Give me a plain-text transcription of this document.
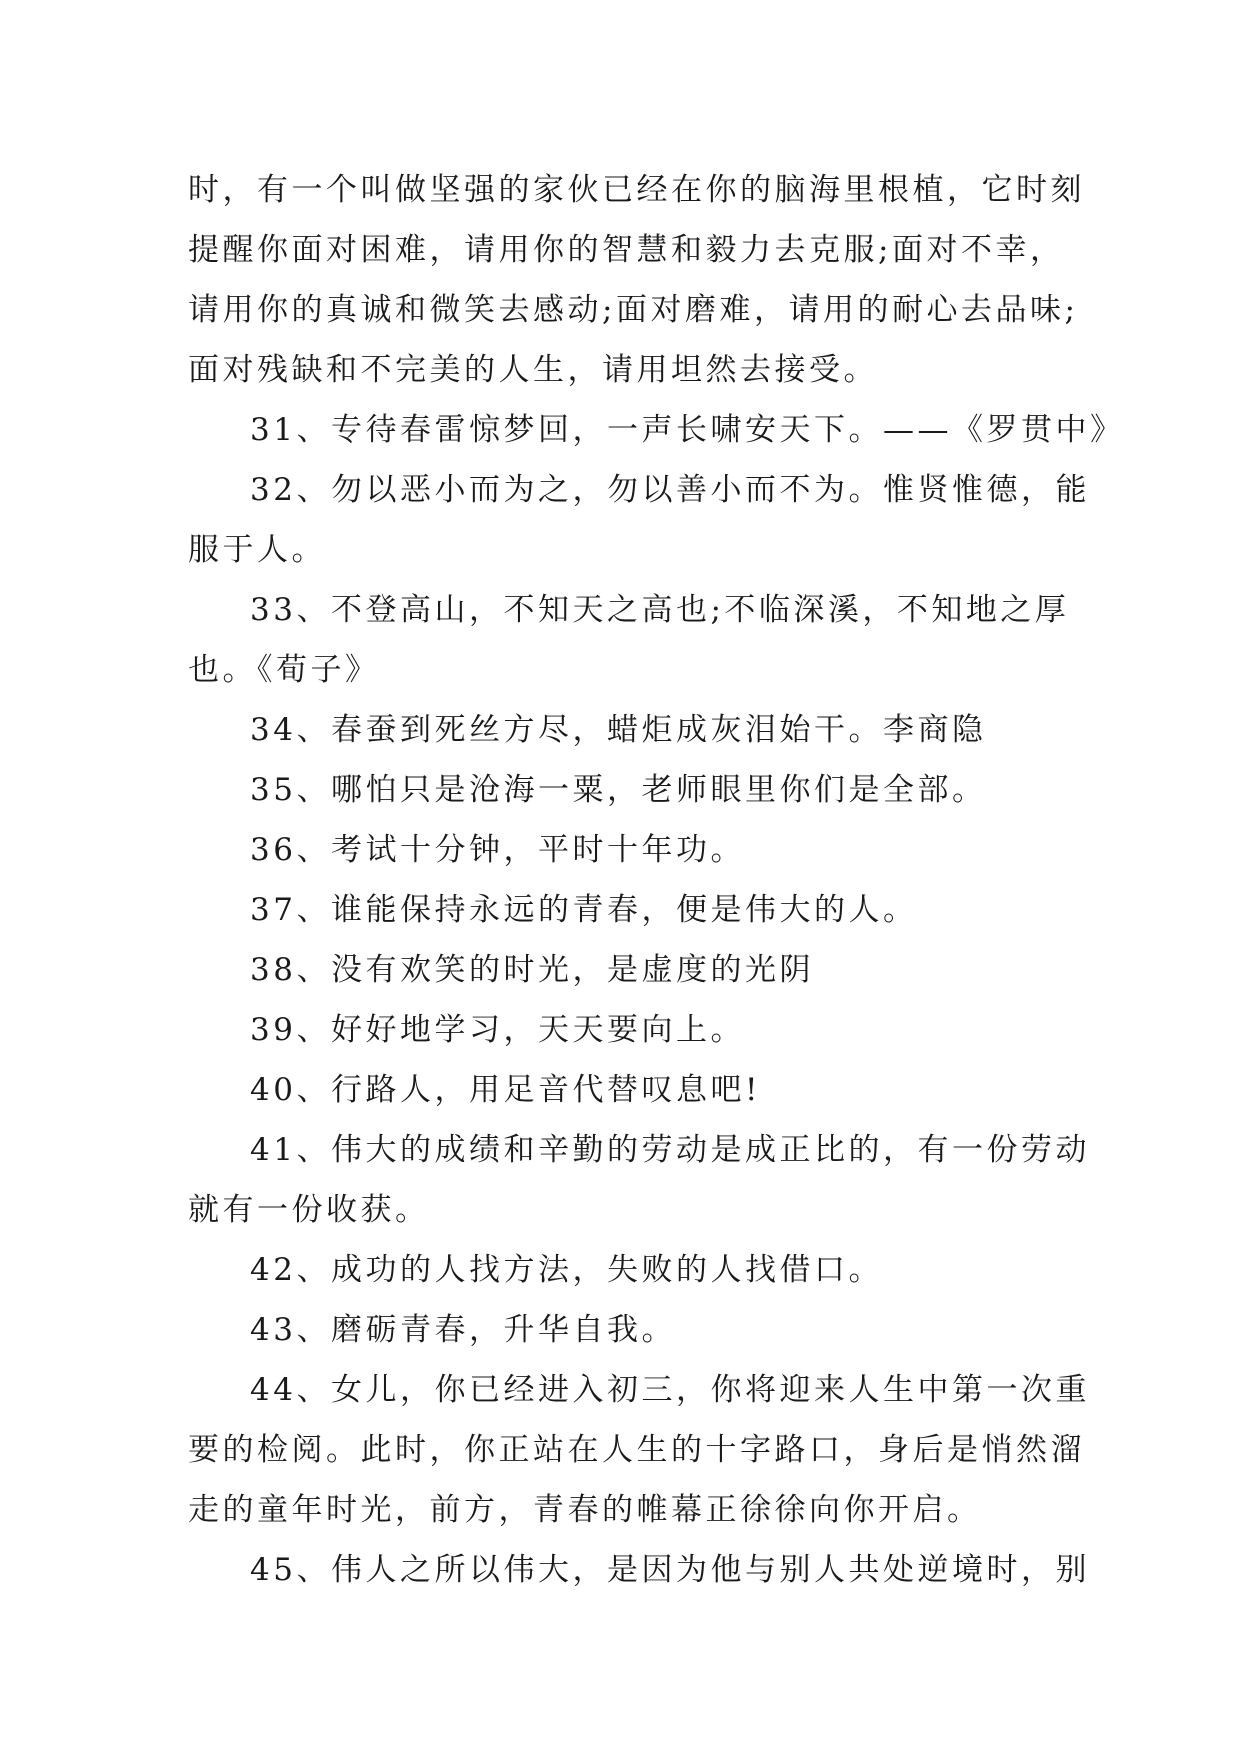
时，有一个叫做坚强的家伙已经在你的脑海里根植，它时刻
提醒你面对困难，请用你的智慧和毅力去克服;面对不幸，
请用你的真诚和微笑去感动;面对磨难，请用的耐心去品味;
面对残缺和不完美的人生，请用坦然去接受。
31、专待春雷惊梦回，一声长啸安天下。——《罗贯中》
32、勿以恶小而为之，勿以善小而不为。惟贤惟德，能
服于人。
33、不登高山，不知天之高也;不临深溪，不知地之厚
也。《荀子》
34、春蚕到死丝方尽，蜡炬成灰泪始干。李商隐
35、哪怕只是沧海一粟，老师眼里你们是全部。
36、考试十分钟，平时十年功。
37、谁能保持永远的青春，便是伟大的人。
38、没有欢笑的时光，是虚度的光阴
39、好好地学习，天天要向上。
40、行路人，用足音代替叹息吧!
41、伟大的成绩和辛勤的劳动是成正比的，有一份劳动
就有一份收获。
42、成功的人找方法，失败的人找借口。
43、磨砺青春，升华自我。
44、女儿，你已经进入初三，你将迎来人生中第一次重
要的检阅。此时，你正站在人生的十字路口，身后是悄然溜
走的童年时光，前方，青春的帷幕正徐徐向你开启。
45、伟人之所以伟大，是因为他与别人共处逆境时，别
